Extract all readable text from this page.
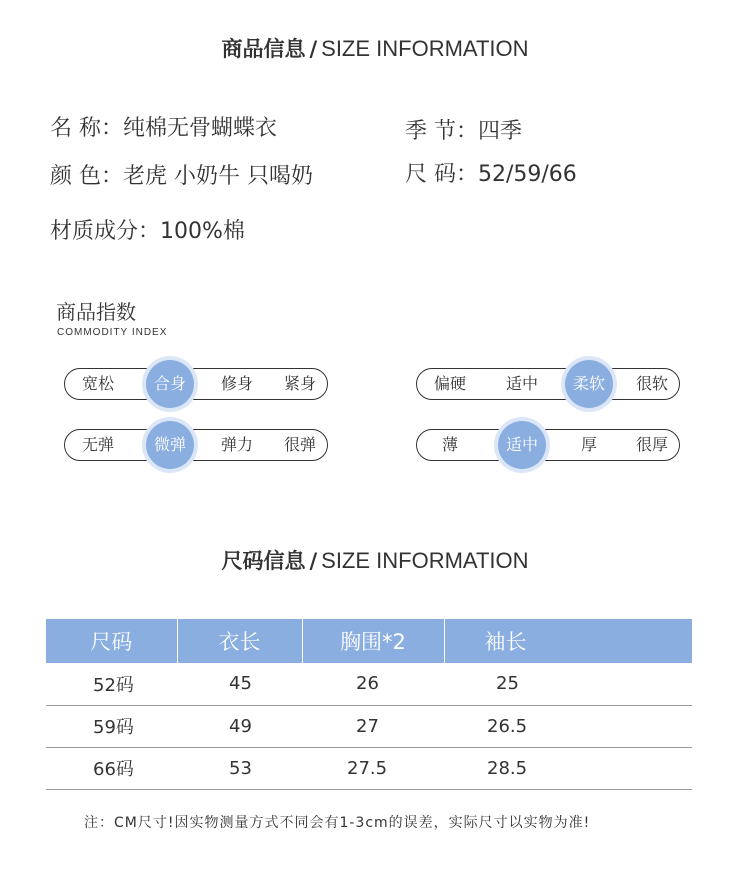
商品信息 / SIZE INFORMATION
名 称：纯棉无骨蝴蝶衣	季 节：四季
颜 色：老虎 小奶牛 只喝奶	尺 码：52/59/66
材质成分：100%棉
商品指数
COMMODITY INDEX
宽松	合身	修身	紧身	偏硬	适中	柔软	很软
无弹	微弹	弹力	很弹	薄	适中	厚	很厚
尺码信息 / SIZE INFORMATION
尺码	衣长	胸围*2	袖长
52码	45	26	25
59码	49	27	26.5
66码	53	27.5	28.5
注：CM尺寸!因实物测量方式不同会有1-3cm的误差，实际尺寸以实物为准!
